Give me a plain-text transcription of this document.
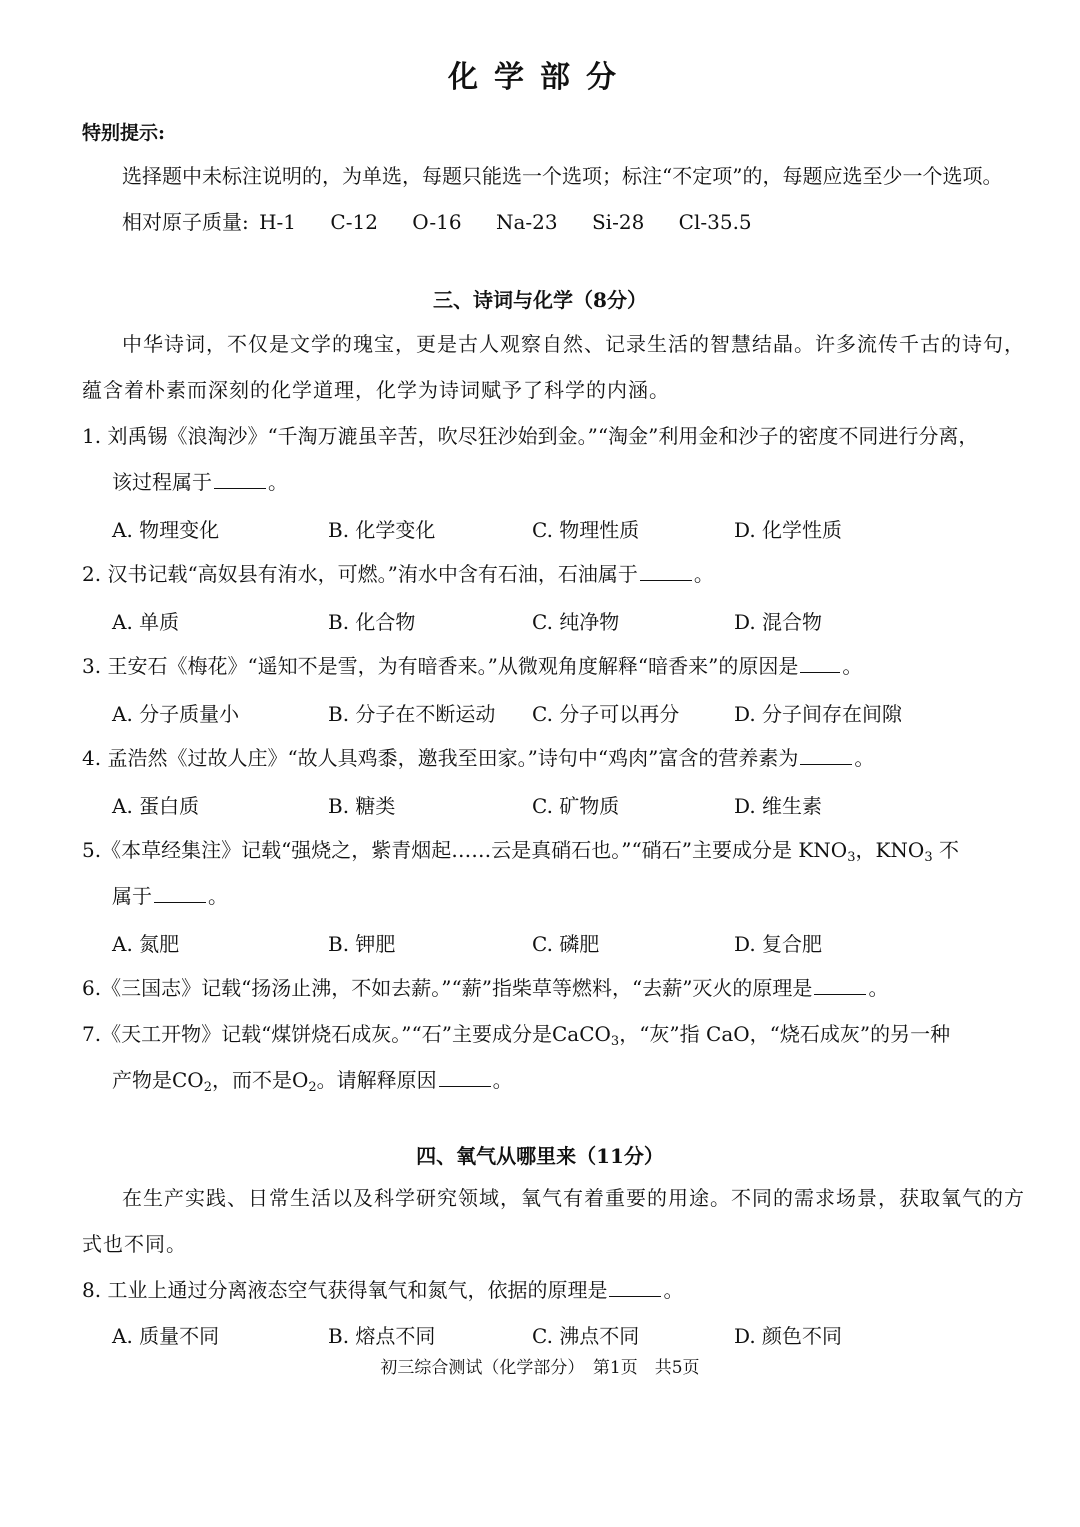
化学部分
特别提示:
选择题中未标注说明的，为单选，每题只能选一个选项；标注“不定项”的，每题应选至少一个选项。
相对原子质量: H-1 C-12 O-16 Na-23 Si-28 Cl-35.5
三、诗词与化学（8分）
中华诗词，不仅是文学的瑰宝，更是古人观察自然、记录生活的智慧结晶。许多流传千古的诗句，
蕴含着朴素而深刻的化学道理，化学为诗词赋予了科学的内涵。
1. 刘禹锡《浪淘沙》“千淘万漉虽辛苦，吹尽狂沙始到金。”“淘金”利用金和沙子的密度不同进行分离，
该过程属于	。
A. 物理变化	B. 化学变化	C. 物理性质	D. 化学性质
2. 汉书记载“高奴县有洧水，可燃。”洧水中含有石油，石油属于	。
A. 单质	B. 化合物	C. 纯净物	D. 混合物
3. 王安石《梅花》“遥知不是雪，为有暗香来。”从微观角度解释“暗香来”的原因是 。
A. 分子质量小	B. 分子在不断运动 C. 分子可以再分	D. 分子间存在间隙
4. 孟浩然《过故人庄》“故人具鸡黍，邀我至田家。”诗句中“鸡肉”富含的营养素为	。
A. 蛋白质	B. 糖类	C. 矿物质	D. 维生素
5.《本草经集注》记载“强烧之，紫青烟起……云是真硝石也。”“硝石”主要成分是 $KNO_3$，$KNO_3$ 不
属于	。
A. 氮肥	B. 钾肥	C. 磷肥	D. 复合肥
6.《三国志》记载“扬汤止沸，不如去薪。”“薪”指柴草等燃料，“去薪”灭火的原理是	。
7.《天工开物》记载“煤饼烧石成灰。”“石”主要成分是CaCO$_3$，“灰”指 CaO，“烧石成灰”的另一种
产物是$CO_2$，而不是$O_2$。请解释原因	。
四、氧气从哪里来（11分）
在生产实践、日常生活以及科学研究领域，氧气有着重要的用途。不同的需求场景，获取氧气的方
式也不同。
8. 工业上通过分离液态空气获得氧气和氮气，依据的原理是	。
A. 质量不同	B. 熔点不同	C. 沸点不同	D. 颜色不同
初三综合测试（化学部分）　第1页　共5页
